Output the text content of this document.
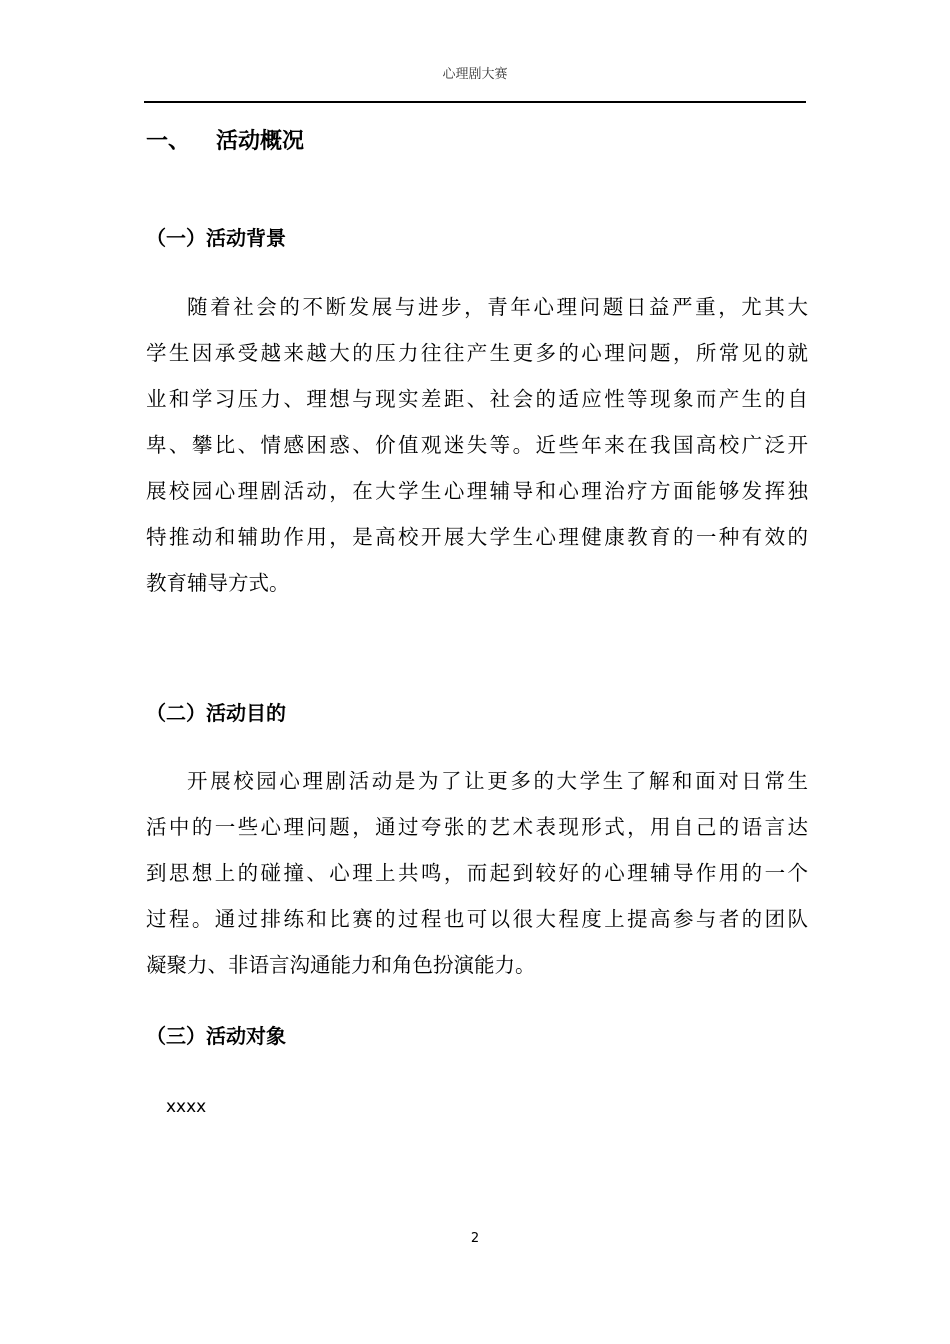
心理剧大赛
一、 活动概况
（一）活动背景
随着社会的不断发展与进步，青年心理问题日益严重，尤其大
学生因承受越来越大的压力往往产生更多的心理问题，所常见的就
业和学习压力、理想与现实差距、社会的适应性等现象而产生的自
卑、攀比、情感困惑、价值观迷失等。近些年来在我国高校广泛开
展校园心理剧活动，在大学生心理辅导和心理治疗方面能够发挥独
特推动和辅助作用，是高校开展大学生心理健康教育的一种有效的
教育辅导方式。
（二）活动目的
开展校园心理剧活动是为了让更多的大学生了解和面对日常生
活中的一些心理问题，通过夸张的艺术表现形式，用自己的语言达
到思想上的碰撞、心理上共鸣，而起到较好的心理辅导作用的一个
过程。通过排练和比赛的过程也可以很大程度上提高参与者的团队
凝聚力、非语言沟通能力和角色扮演能力。
（三）活动对象
xxxx
2
